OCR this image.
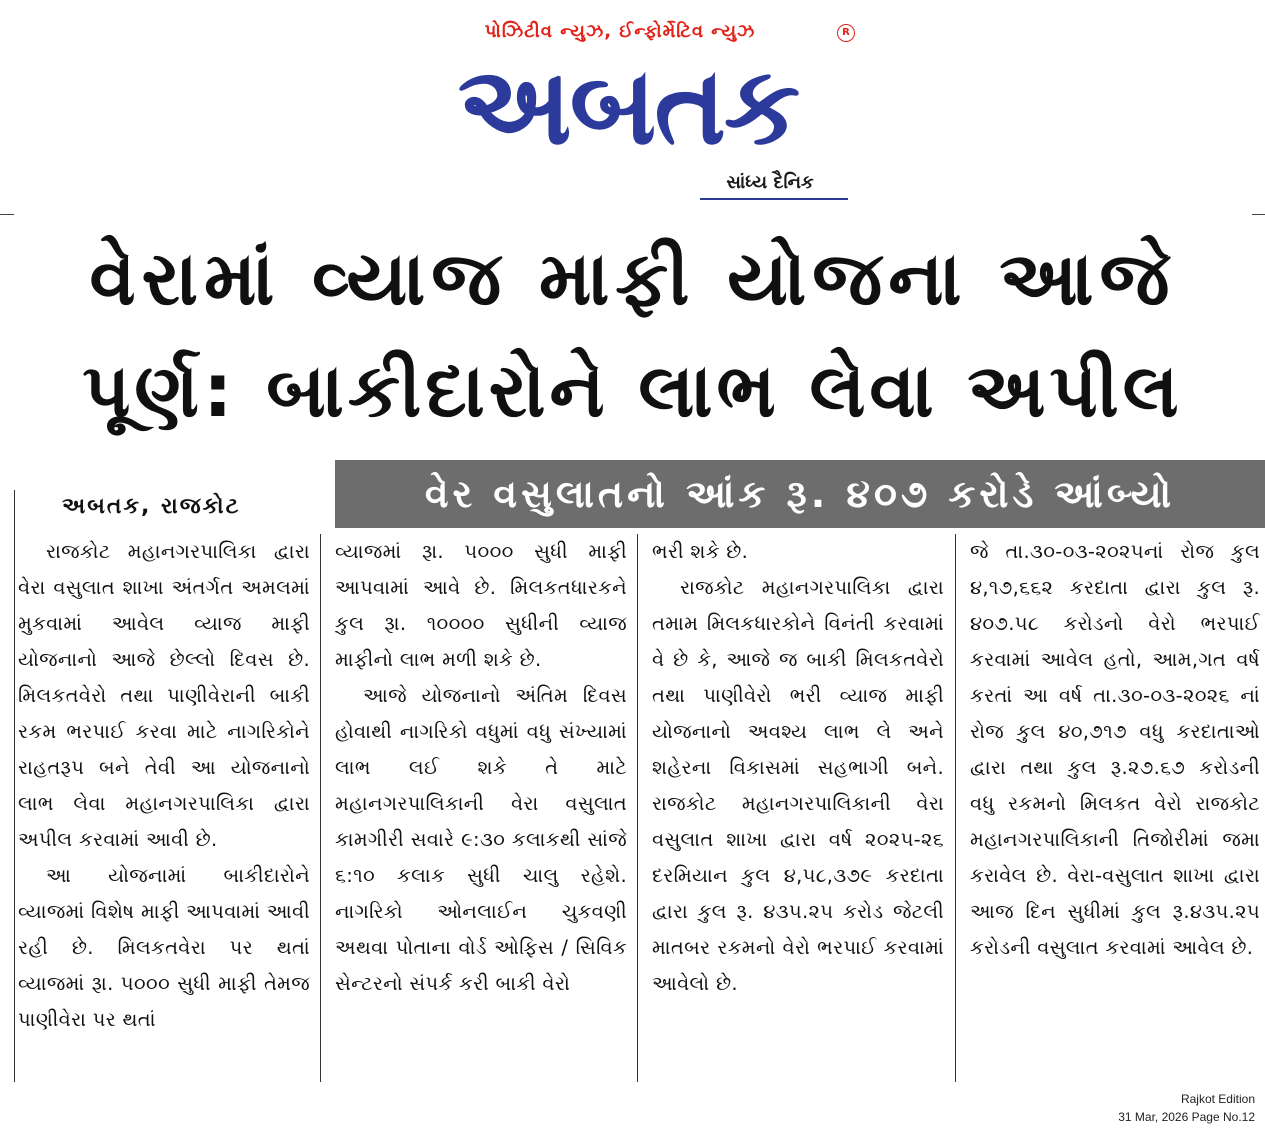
પોઝિટીવ ન્યુઝ, ઈન્ફોર્મેટિવ ન્યુઝ	R
અબતક
સાંધ્ય દૈનિક
વેરામાં વ્યાજ માફી યોજના આજે
પૂર્ણ: બાકીદારોને લાભ લેવા અપીલ
વેર વસુલાતનો આંક રૂ. ૪૦૭ કરોડે આંબ્યો
અબતક, રાજકોટ

રાજકોટ મહાનગરપાલિકા દ્વારા વેરા વસુલાત શાખા અંતર્ગત અમલમાં મુકવામાં આવેલ વ્યાજ માફી યોજનાનો આજે છેલ્લો દિવસ છે. મિલકતવેરો તથા પાણીવેરાની બાકી રકમ ભરપાઈ કરવા માટે નાગરિકોને રાહતરૂપ બને તેવી આ યોજનાનો લાભ લેવા મહાનગરપાલિકા દ્વારા અપીલ કરવામાં આવી છે.

આ યોજનામાં બાકીદારોને વ્યાજમાં વિશેષ માફી આપવામાં આવી રહી છે. મિલકતવેરા પર થતાં વ્યાજમાં રૂા. ૫૦૦૦ સુધી માફી તેમજ પાણીવેરા પર થતાં

વ્યાજમાં રૂા. ૫૦૦૦ સુધી માફી આપવામાં આવે છે. મિલકતધારકને કુલ રૂા. ૧૦૦૦૦ સુધીની વ્યાજ માફીનો લાભ મળી શકે છે.

આજે યોજનાનો અંતિમ દિવસ હોવાથી નાગરિકો વધુમાં વધુ સંખ્યામાં લાભ લઈ શકે તે માટે મહાનગરપાલિકાની વેરા વસુલાત કામગીરી સવારે ૯:૩૦ કલાકથી સાંજે ૬:૧૦ કલાક સુધી ચાલુ રહેશે. નાગરિકો ઓનલાઈન ચુકવણી અથવા પોતાના વોર્ડ ઓફિસ / સિવિક સેન્ટરનો સંપર્ક કરી બાકી વેરો

ભરી શકે છે.

રાજકોટ મહાનગરપાલિકા દ્વારા તમામ મિલકધારકોને વિનંતી કરવામાં વે છે કે, આજે જ બાકી મિલકતવેરો તથા પાણીવેરો ભરી વ્યાજ માફી યોજનાનો અવશ્ય લાભ લે અને શહેરના વિકાસમાં સહભાગી બને. રાજકોટ મહાનગરપાલિકાની વેરા વસુલાત શાખા દ્વારા વર્ષ ૨૦૨૫-૨૬ દરમિયાન કુલ ૪,૫૮,૩૭૯ કરદાતા દ્વારા કુલ રૂ. ૪૩૫.૨૫ કરોડ જેટલી માતબર રકમનો વેરો ભરપાઈ કરવામાં આવેલો છે.

જે તા.૩૦-૦૩-૨૦૨૫નાં રોજ કુલ ૪,૧૭,૬૬૨ કરદાતા દ્વારા કુલ રૂ. ૪૦૭.૫૮ કરોડનો વેરો ભરપાઈ કરવામાં આવેલ હતો, આમ,ગત વર્ષ કરતાં આ વર્ષ તા.૩૦-૦૩-૨૦૨૬ નાં રોજ કુલ ૪૦,૭૧૭ વધુ કરદાતાઓ દ્વારા તથા કુલ રૂ.૨૭.૬૭ કરોડની વધુ રકમનો મિલકત વેરો રાજકોટ મહાનગરપાલિકાની તિજોરીમાં જમા કરાવેલ છે. વેરા-વસુલાત શાખા દ્વારા આજ દિન સુધીમાં કુલ રૂ.૪૩૫.૨૫ કરોડની વસુલાત કરવામાં આવેલ છે.

Rajkot Edition
31 Mar, 2026 Page No.12
